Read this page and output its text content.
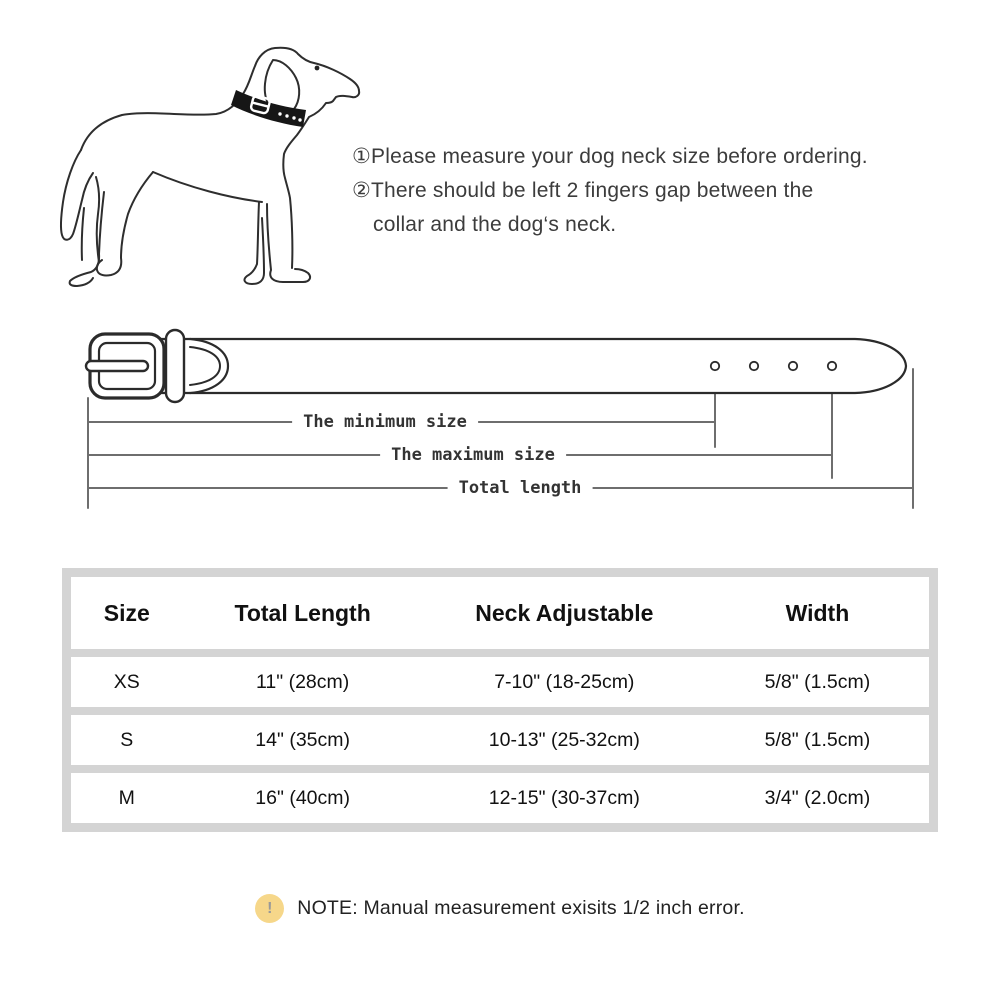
①Please measure your dog neck size before ordering.
②There should be left 2 fingers gap between the
collar and the dog‘s neck.
The minimum size
The maximum size
Total length
Size	Total Length	Neck Adjustable	Width
XS	11" (28cm)	7-10" (18-25cm)	5/8" (1.5cm)
S	14" (35cm)	10-13" (25-32cm)	5/8" (1.5cm)
M	16" (40cm)	12-15" (30-37cm)	3/4" (2.0cm)
!	NOTE: Manual measurement exisits 1/2 inch error.
